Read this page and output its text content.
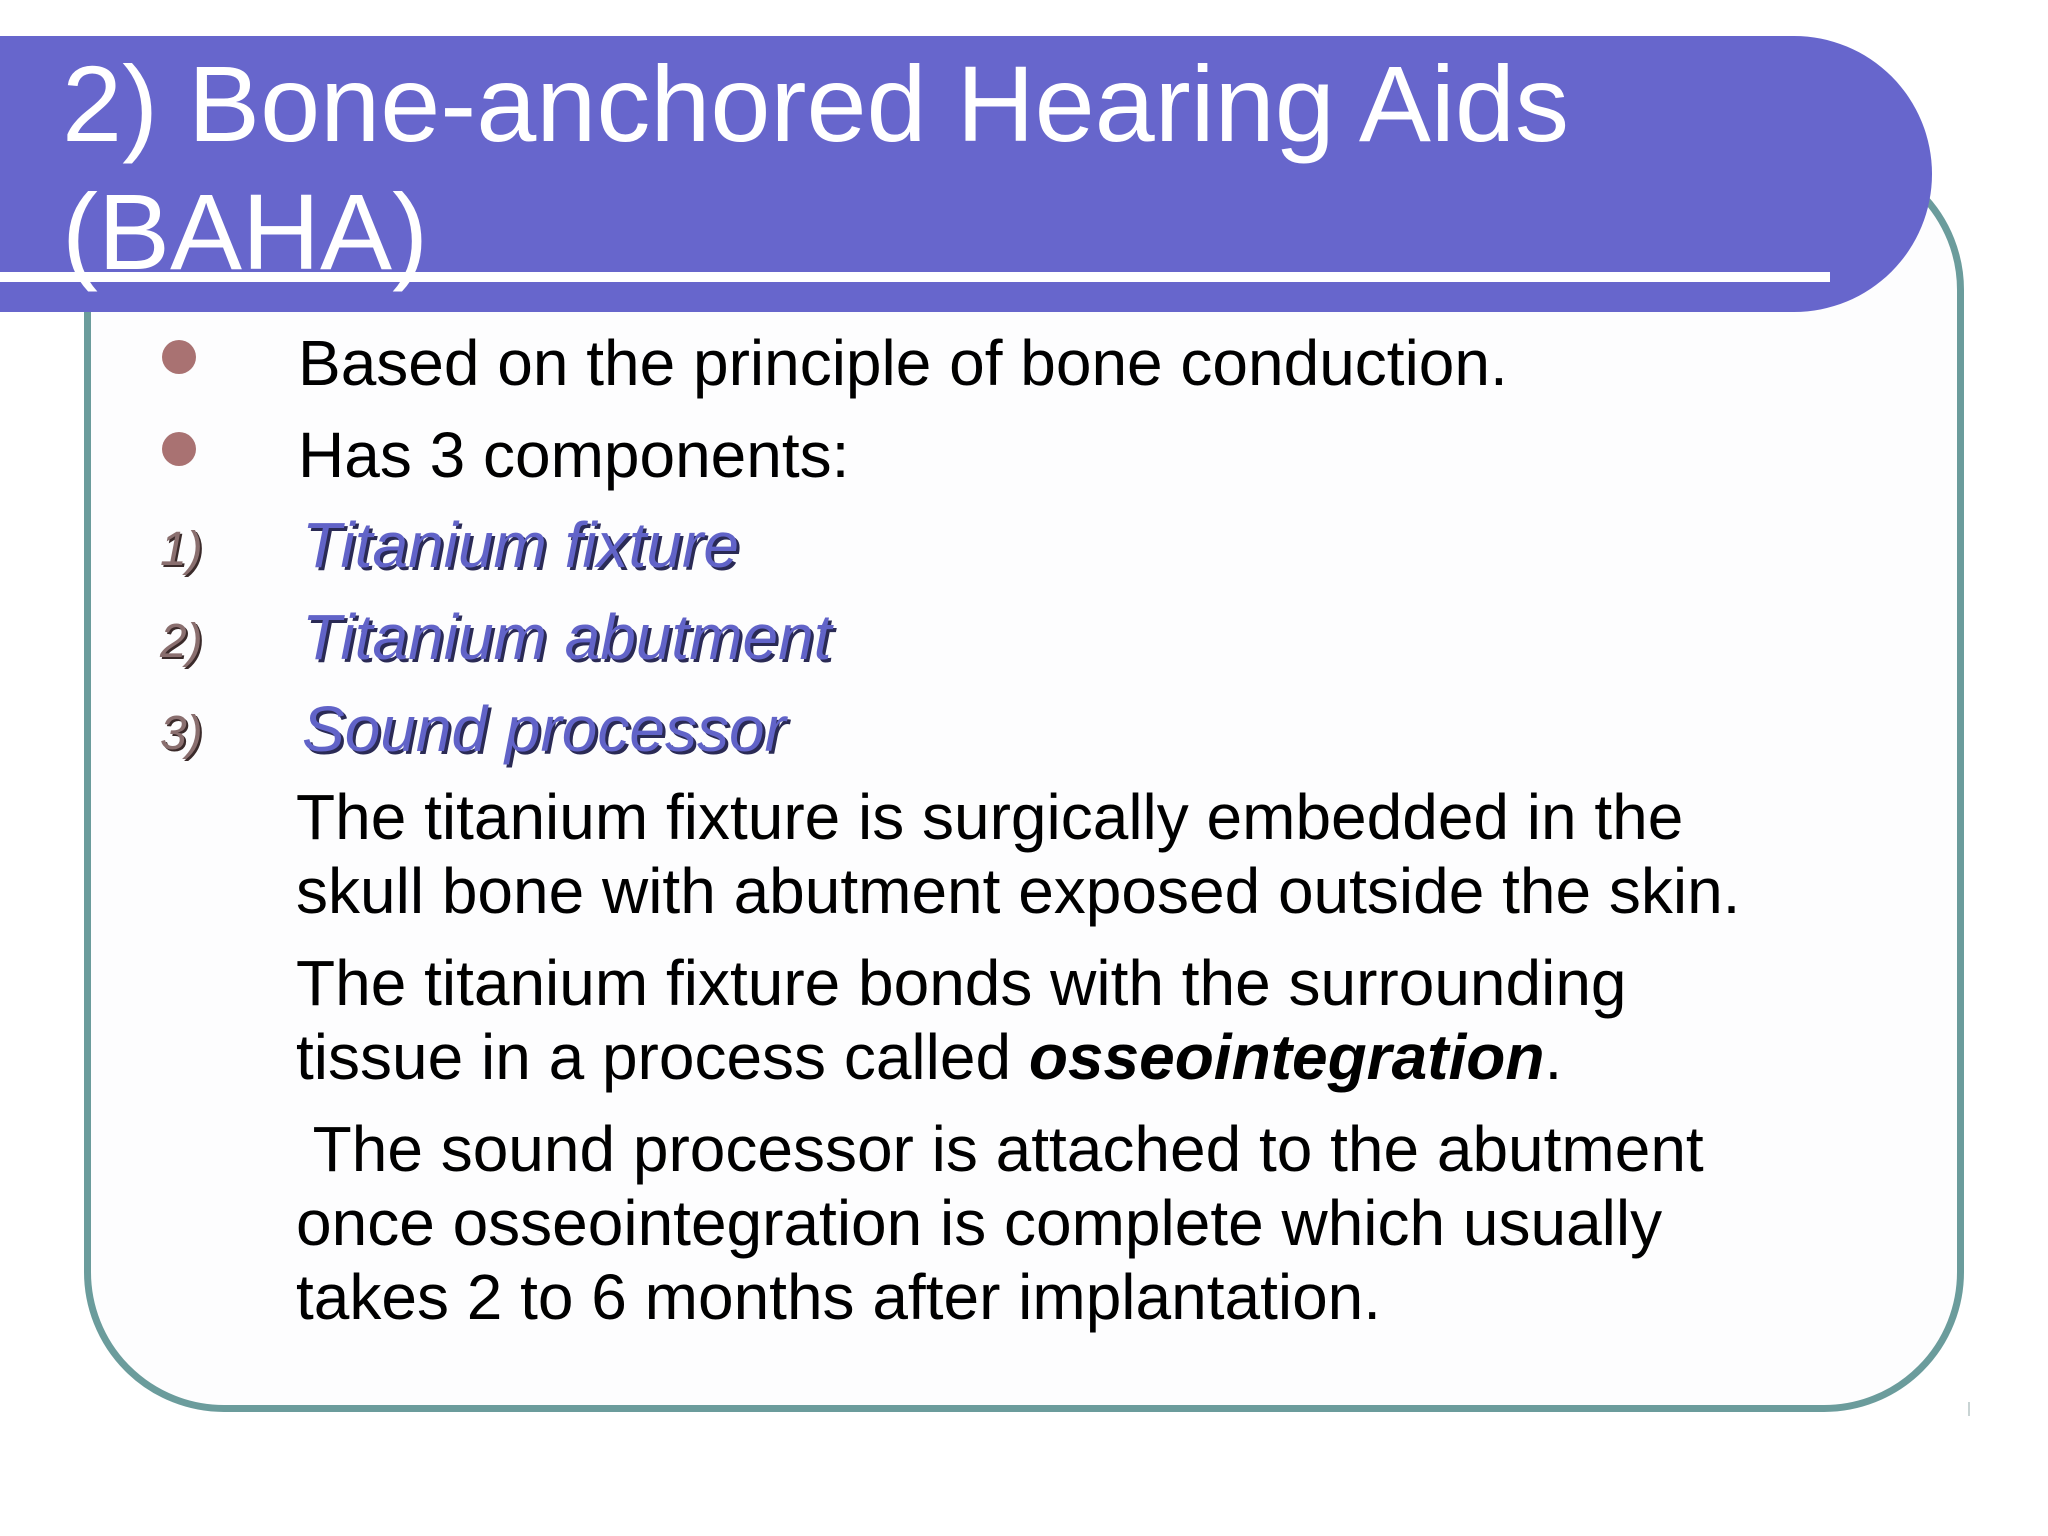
2) Bone-anchored Hearing Aids
(BAHA)
Based on the principle of bone conduction.
Has 3 components:
1) Titanium fixture
2) Titanium abutment
3) Sound processor
The titanium fixture is surgically embedded in the
skull bone with abutment exposed outside the skin.
The titanium fixture bonds with the surrounding
tissue in a process called osseointegration.
The sound processor is attached to the abutment
once osseointegration is complete which usually
takes 2 to 6 months after implantation.
